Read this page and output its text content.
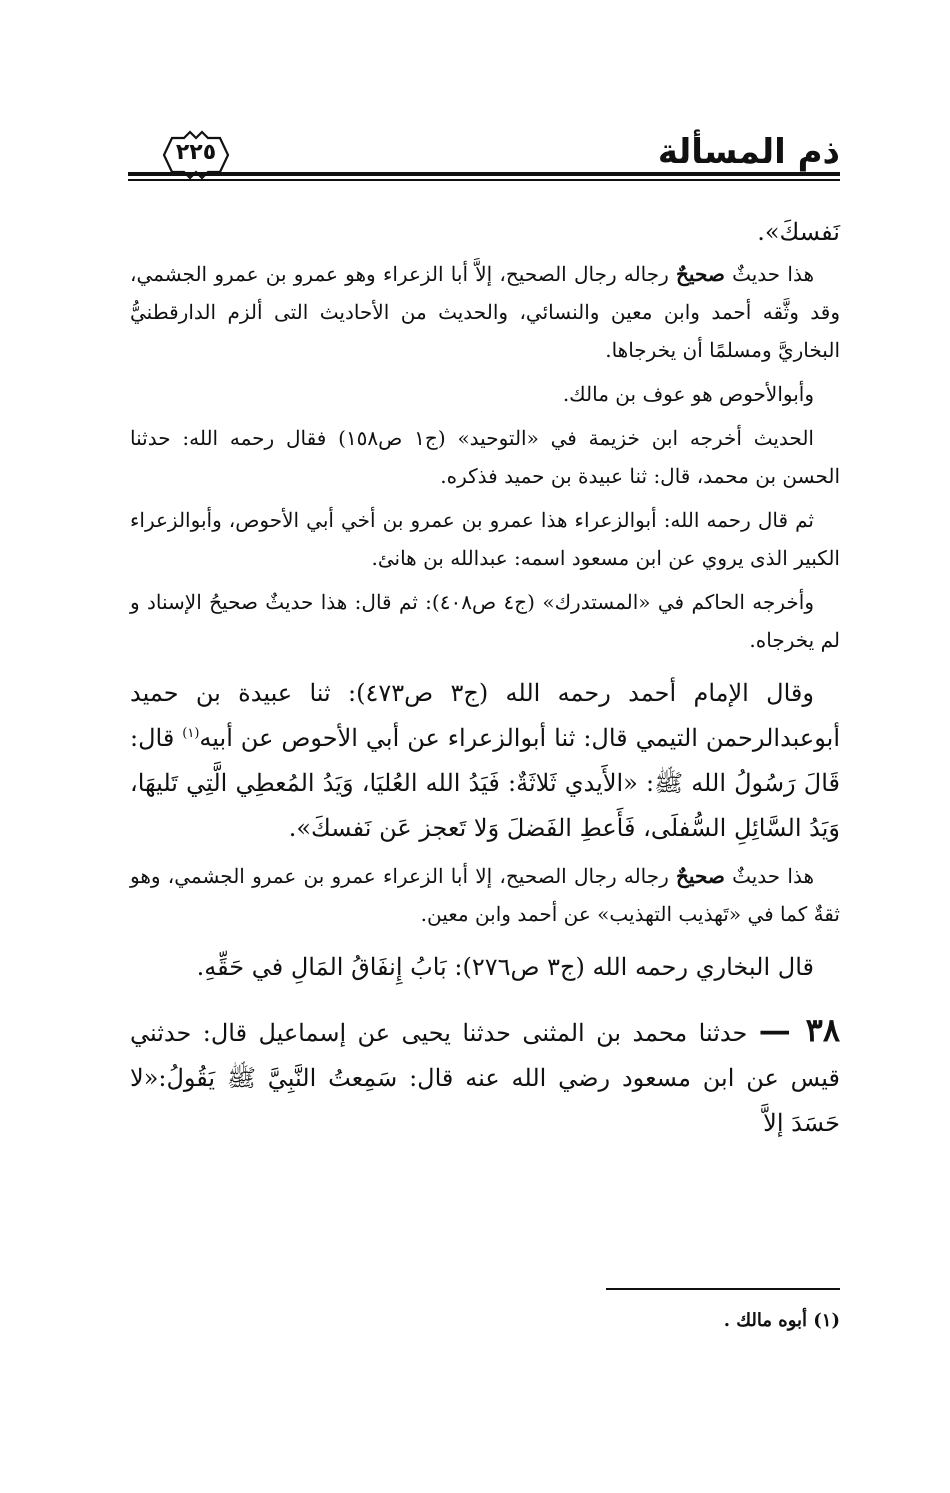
ذم المسألة
٢٢٥

نَفسكَ».

هذا حديثٌ صحيحٌ رجاله رجال الصحيح، إلاَّ أبا الزعراء وهو عمرو بن عمرو الجشمي، وقد وثَّقه أحمد وابن معين والنسائي، والحديث من الأحاديث التى ألزم الدارقطنيُّ البخاريَّ ومسلمًا أن يخرجاها.

وأبوالأحوص هو عوف بن مالك.

الحديث أخرجه ابن خزيمة في «التوحيد» (ج١ ص١٥٨) فقال رحمه الله: حدثنا الحسن بن محمد، قال: ثنا عبيدة بن حميد فذكره.

ثم قال رحمه الله: أبوالزعراء هذا عمرو بن عمرو بن أخي أبي الأحوص، وأبوالزعراء الكبير الذى يروي عن ابن مسعود اسمه: عبدالله بن هانئ.

وأخرجه الحاكم في «المستدرك» (ج٤ ص٤٠٨): ثم قال: هذا حديثٌ صحيحُ الإسناد و لم يخرجاه.

وقال الإمام أحمد رحمه الله (ج٣ ص٤٧٣): ثنا عبيدة بن حميد أبوعبدالرحمن التيمي قال: ثنا أبوالزعراء عن أبي الأحوص عن أبيه$^{(١)}$ قال: قَالَ رَسُولُ الله ﷺ: «الأَيدي ثَلاثَةٌ: فَيَدُ الله العُليَا، وَيَدُ المُعطِي الَّتِي تَليهَا، وَيَدُ السَّائِلِ السُّفلَى، فَأَعطِ الفَضلَ وَلا تَعجز عَن نَفسكَ».

هذا حديثٌ صحيحٌ رجاله رجال الصحيح، إلا أبا الزعراء عمرو بن عمرو الجشمي، وهو ثقةٌ كما في «تَهذيب التهذيب» عن أحمد وابن معين.

قال البخاري رحمه الله (ج٣ ص٢٧٦): بَابُ إِنفَاقُ المَالِ في حَقِّهِ.

٣٨ — حدثنا محمد بن المثنى حدثنا يحيى عن إسماعيل قال: حدثني قيس عن ابن مسعود رضي الله عنه قال: سَمِعتُ النَّبِيَّ ﷺ يَقُولُ:«لا حَسَدَ إلاَّ

(١) أبوه مالك .
